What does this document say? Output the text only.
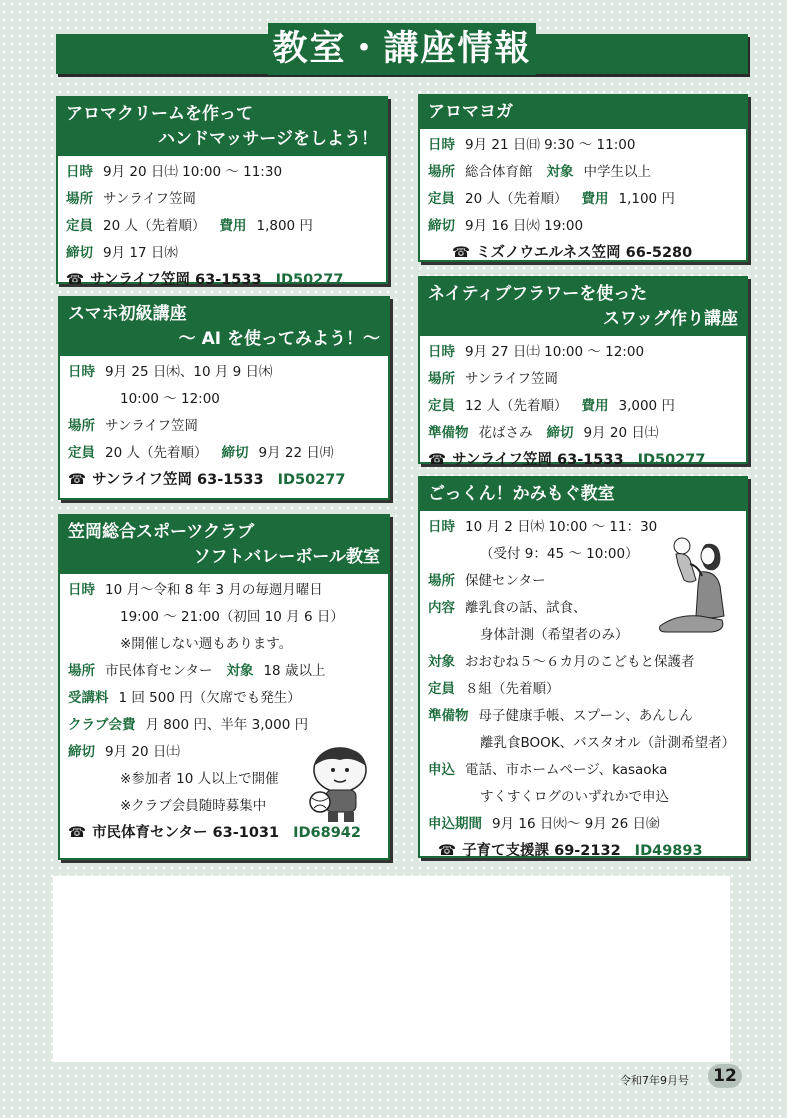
教室・講座情報
アロマクリームを作って
ハンドマッサージをしよう！
日時 9月 20 日㈯ 10:00 ～ 11:30
場所 サンライフ笠岡
定員 20 人（先着順） 費用 1,800 円
締切 9月 17 日㈬
☎ サンライフ笠岡 63-1533 ID50277
スマホ初級講座
～ AI を使ってみよう！～
日時 9月 25 日㈭、10 月 9 日㈭
10:00 ～ 12:00
場所 サンライフ笠岡
定員 20 人（先着順） 締切 9月 22 日㈪
☎ サンライフ笠岡 63-1533 ID50277
笠岡総合スポーツクラブ
ソフトバレーボール教室
日時 10 月～令和 8 年 3 月の毎週月曜日
19:00 ～ 21:00（初回 10 月 6 日）
※開催しない週もあります。
場所 市民体育センター 対象 18 歳以上
受講料 1 回 500 円（欠席でも発生）
クラブ会費 月 800 円、半年 3,000 円
締切 9月 20 日㈯
※参加者 10 人以上で開催
※クラブ会員随時募集中
☎ 市民体育センター 63-1031 ID68942
アロマヨガ
日時 9月 21 日㈰ 9:30 ～ 11:00
場所 総合体育館 対象 中学生以上
定員 20 人（先着順） 費用 1,100 円
締切 9月 16 日㈫ 19:00
☎ ミズノウエルネス笠岡 66-5280
ネイティブフラワーを使った
スワッグ作り講座
日時 9月 27 日㈯ 10:00 ～ 12:00
場所 サンライフ笠岡
定員 12 人（先着順） 費用 3,000 円
準備物 花ばさみ 締切 9月 20 日㈯
☎ サンライフ笠岡 63-1533 ID50277
ごっくん！かみもぐ教室
日時 10 月 2 日㈭ 10:00 ～ 11：30
（受付 9：45 ～ 10:00）
場所 保健センター
内容 離乳食の話、試食、
身体計測（希望者のみ）
対象 おおむね５～６カ月のこどもと保護者
定員 ８組（先着順）
準備物 母子健康手帳、スプーン、あんしん
離乳食BOOK、バスタオル（計測希望者）
申込 電話、市ホームページ、kasaoka
すくすくログのいずれかで申込
申込期間 9月 16 日㈫～ 9月 26 日㈮
☎ 子育て支援課 69-2132 ID49893
令和7年9月号	12
